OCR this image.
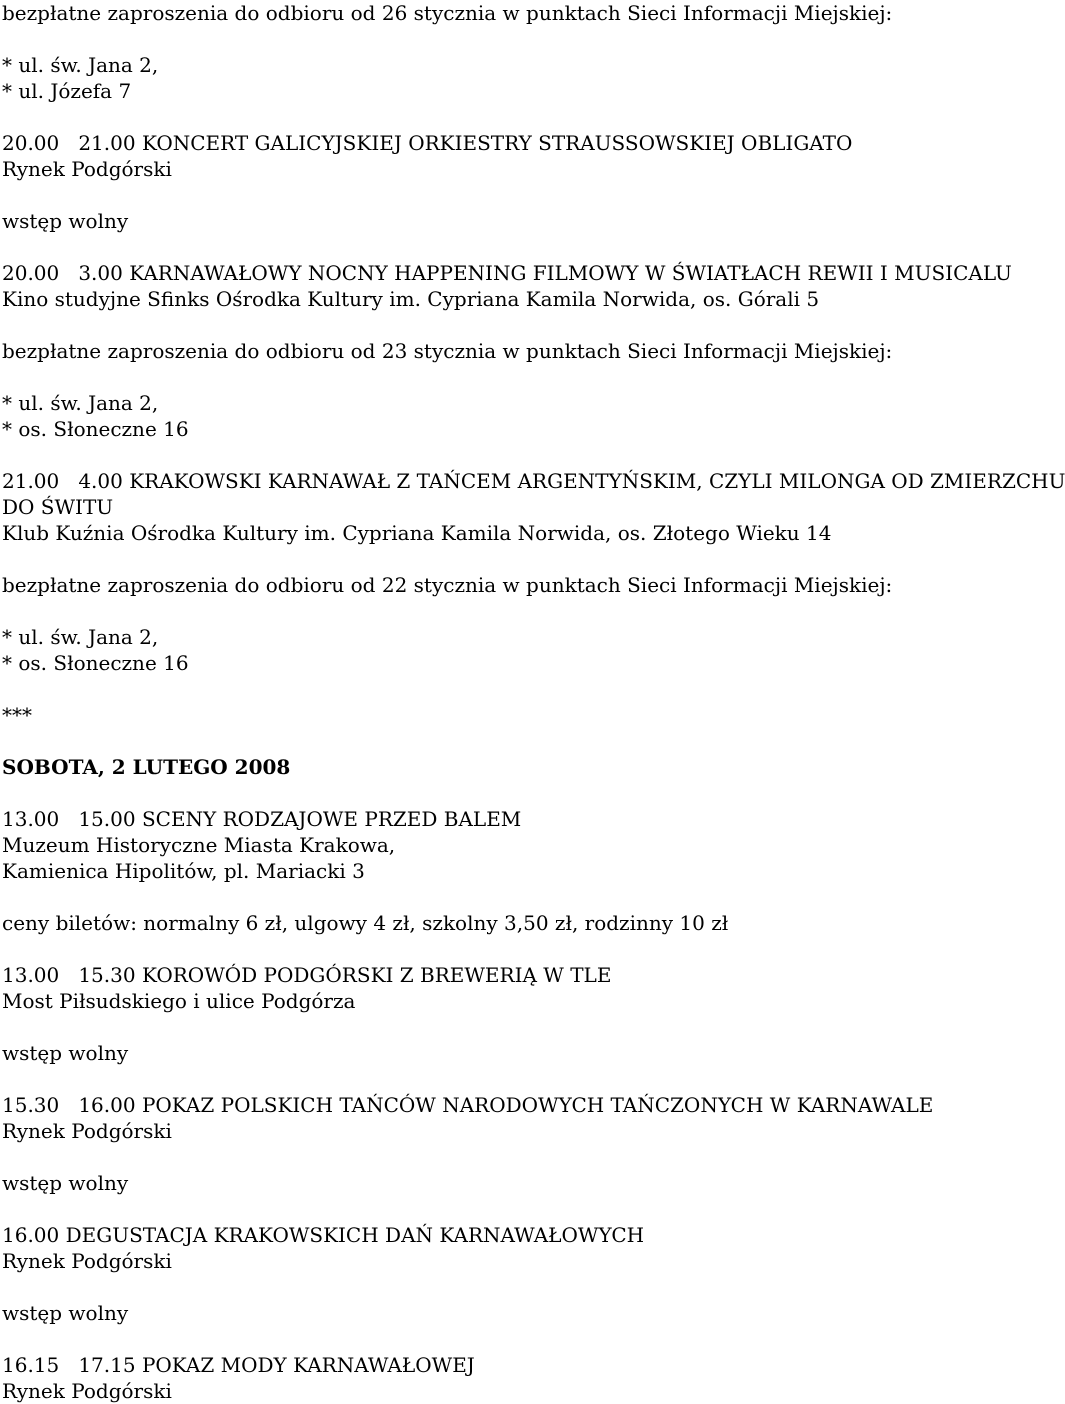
bezpłatne zaproszenia do odbioru od 26 stycznia w punktach Sieci Informacji Miejskiej:
* ul. św. Jana 2,
* ul. Józefa 7
20.00   21.00 KONCERT GALICYJSKIEJ ORKIESTRY STRAUSSOWSKIEJ OBLIGATO
Rynek Podgórski
wstęp wolny
20.00   3.00 KARNAWAŁOWY NOCNY HAPPENING FILMOWY W ŚWIATŁACH REWII I MUSICALU
Kino studyjne Sfinks Ośrodka Kultury im. Cypriana Kamila Norwida, os. Górali 5
bezpłatne zaproszenia do odbioru od 23 stycznia w punktach Sieci Informacji Miejskiej:
* ul. św. Jana 2,
* os. Słoneczne 16
21.00   4.00 KRAKOWSKI KARNAWAŁ Z TAŃCEM ARGENTYŃSKIM, CZYLI MILONGA OD ZMIERZCHU
DO ŚWITU
Klub Kuźnia Ośrodka Kultury im. Cypriana Kamila Norwida, os. Złotego Wieku 14
bezpłatne zaproszenia do odbioru od 22 stycznia w punktach Sieci Informacji Miejskiej:
* ul. św. Jana 2,
* os. Słoneczne 16
***
SOBOTA, 2 LUTEGO 2008
13.00   15.00 SCENY RODZAJOWE PRZED BALEM
Muzeum Historyczne Miasta Krakowa,
Kamienica Hipolitów, pl. Mariacki 3
ceny biletów: normalny 6 zł, ulgowy 4 zł, szkolny 3,50 zł, rodzinny 10 zł
13.00   15.30 KOROWÓD PODGÓRSKI Z BREWERIĄ W TLE
Most Piłsudskiego i ulice Podgórza
wstęp wolny
15.30   16.00 POKAZ POLSKICH TAŃCÓW NARODOWYCH TAŃCZONYCH W KARNAWALE
Rynek Podgórski
wstęp wolny
16.00 DEGUSTACJA KRAKOWSKICH DAŃ KARNAWAŁOWYCH
Rynek Podgórski
wstęp wolny
16.15   17.15 POKAZ MODY KARNAWAŁOWEJ
Rynek Podgórski
